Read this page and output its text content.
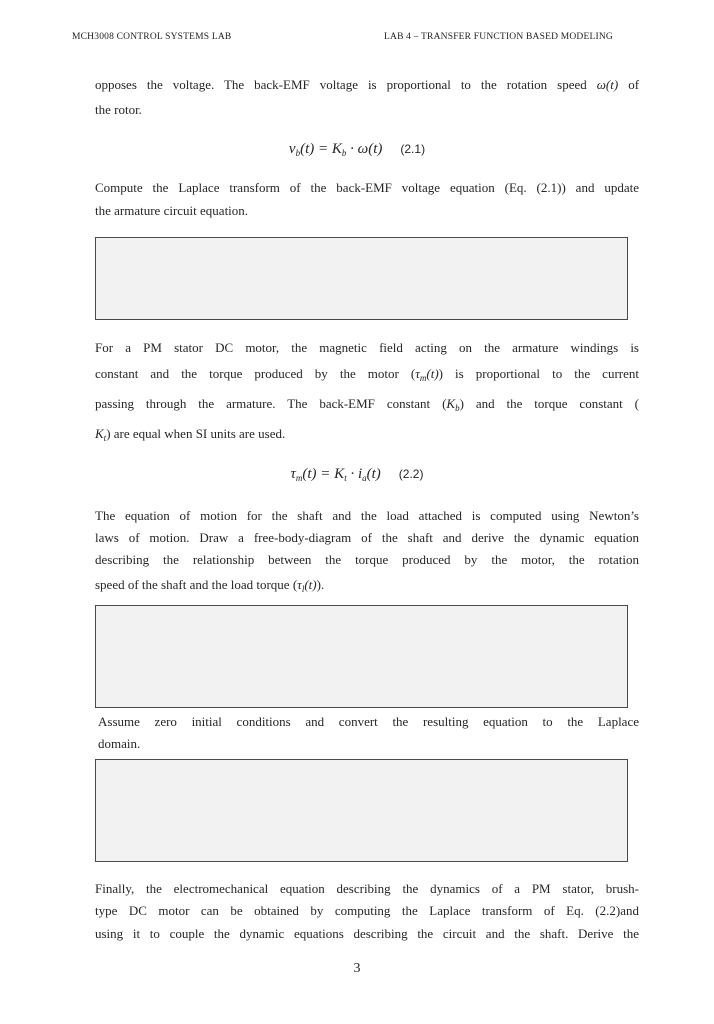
MCH3008 CONTROL SYSTEMS LAB	LAB 4 – TRANSFER FUNCTION BASED MODELING
opposes the voltage. The back-EMF voltage is proportional to the rotation speed ω(t) of
the rotor.
$v_b(t) = K_b \cdot \omega(t)$ (2.1)
Compute the Laplace transform of the back-EMF voltage equation (Eq. (2.1)) and update
the armature circuit equation.
For a PM stator DC motor, the magnetic field acting on the armature windings is
constant and the torque produced by the motor $(\tau_m(t))$ is proportional to the current
passing through the armature. The back-EMF constant $(K_b)$ and the torque constant (
$K_t$) are equal when SI units are used.
$\tau_m(t) = K_t \cdot i_a(t)$ (2.2)
The equation of motion for the shaft and the load attached is computed using Newton’s
laws of motion. Draw a free-body-diagram of the shaft and derive the dynamic equation
describing the relationship between the torque produced by the motor, the rotation
speed of the shaft and the load torque $(\tau_l(t))$.
Assume zero initial conditions and convert the resulting equation to the Laplace
domain.
Finally, the electromechanical equation describing the dynamics of a PM stator, brush-
type DC motor can be obtained by computing the Laplace transform of Eq. (2.2)and
using it to couple the dynamic equations describing the circuit and the shaft. Derive the
3
